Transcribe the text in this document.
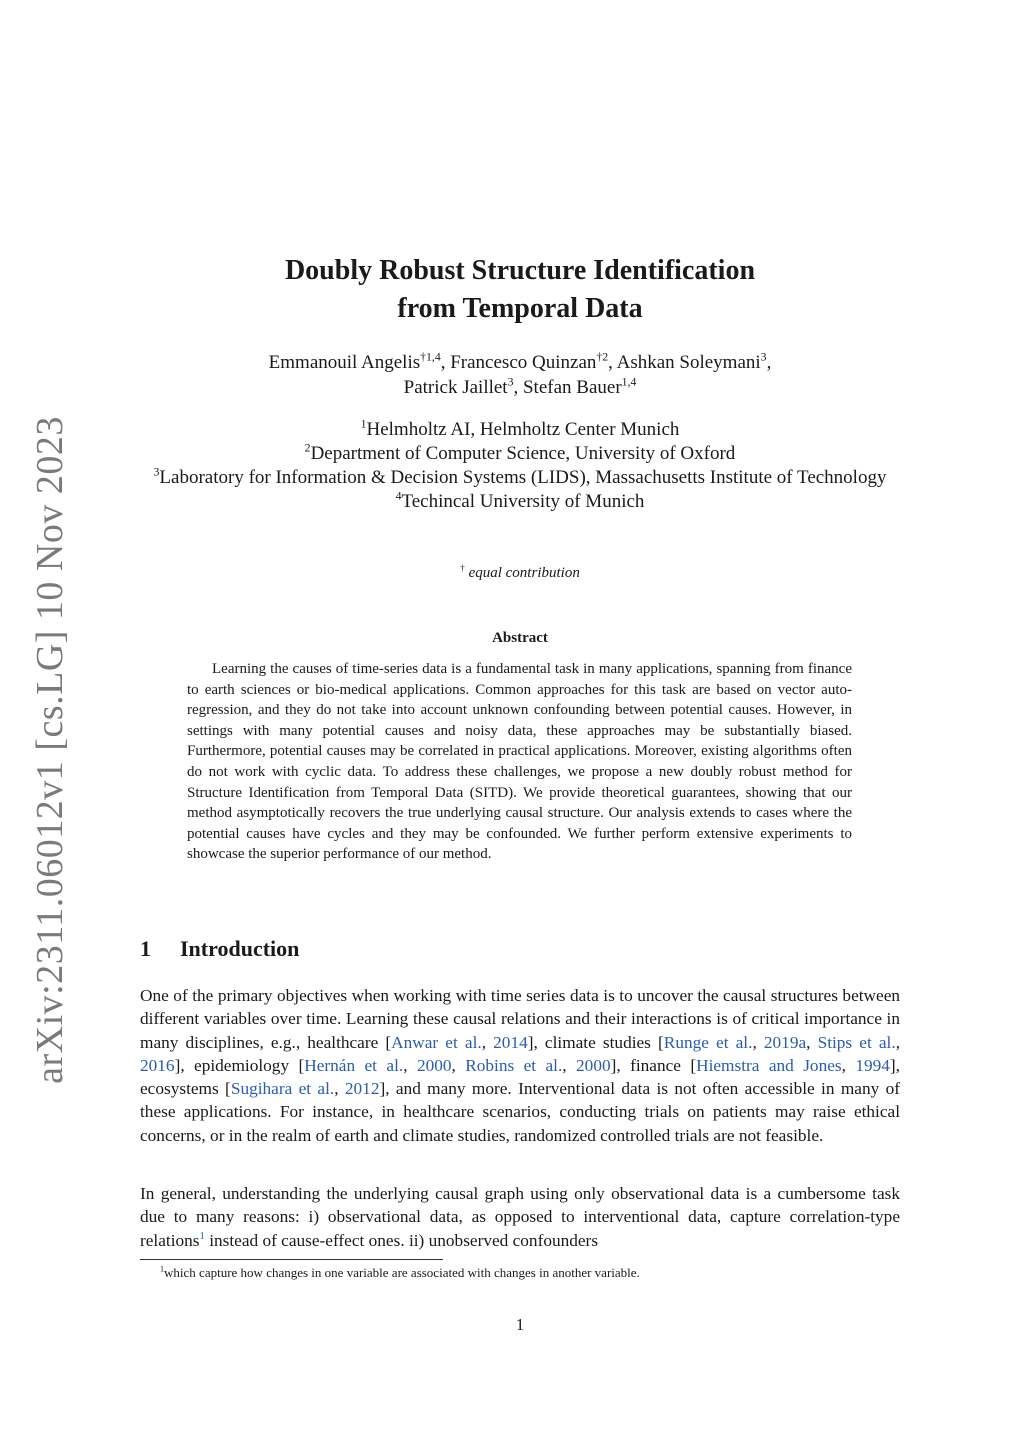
arXiv:2311.06012v1 [cs.LG] 10 Nov 2023
Doubly Robust Structure Identification
from Temporal Data
Emmanouil Angelis$^{\dagger 1,4}$, Francesco Quinzan$^{\dagger 2}$, Ashkan Soleymani$^3$,
Patrick Jaillet$^3$, Stefan Bauer$^{1,4}$
$^1$Helmholtz AI, Helmholtz Center Munich
$^2$Department of Computer Science, University of Oxford
$^3$Laboratory for Information & Decision Systems (LIDS), Massachusetts Institute of Technology
$^4$Techincal University of Munich
† equal contribution
Abstract

Learning the causes of time-series data is a fundamental task in many applications, spanning from finance to earth sciences or bio-medical applications. Common approaches for this task are based on vector auto-regression, and they do not take into account unknown confounding between potential causes. However, in settings with many potential causes and noisy data, these approaches may be substantially biased. Furthermore, potential causes may be correlated in practical applications. Moreover, existing algorithms often do not work with cyclic data. To address these challenges, we propose a new doubly robust method for Structure Identification from Temporal Data (SITD). We provide theoretical guarantees, showing that our method asymptotically recovers the true underlying causal structure. Our analysis extends to cases where the potential causes have cycles and they may be confounded. We further perform extensive experiments to showcase the superior performance of our method.

1 Introduction

One of the primary objectives when working with time series data is to uncover the causal structures between different variables over time. Learning these causal relations and their interactions is of critical importance in many disciplines, e.g., healthcare [Anwar et al., 2014], climate studies [Runge et al., 2019a, Stips et al., 2016], epidemiology [Hernán et al., 2000, Robins et al., 2000], finance [Hiemstra and Jones, 1994], ecosystems [Sugihara et al., 2012], and many more. Interventional data is not often accessible in many of these applications. For instance, in healthcare scenarios, conducting trials on patients may raise ethical concerns, or in the realm of earth and climate studies, randomized controlled trials are not feasible.

In general, understanding the underlying causal graph using only observational data is a cumbersome task due to many reasons: i) observational data, as opposed to interventional data, capture correlation-type relations$^1$ instead of cause-effect ones. ii) unobserved confounders

$^1$which capture how changes in one variable are associated with changes in another variable.
1
